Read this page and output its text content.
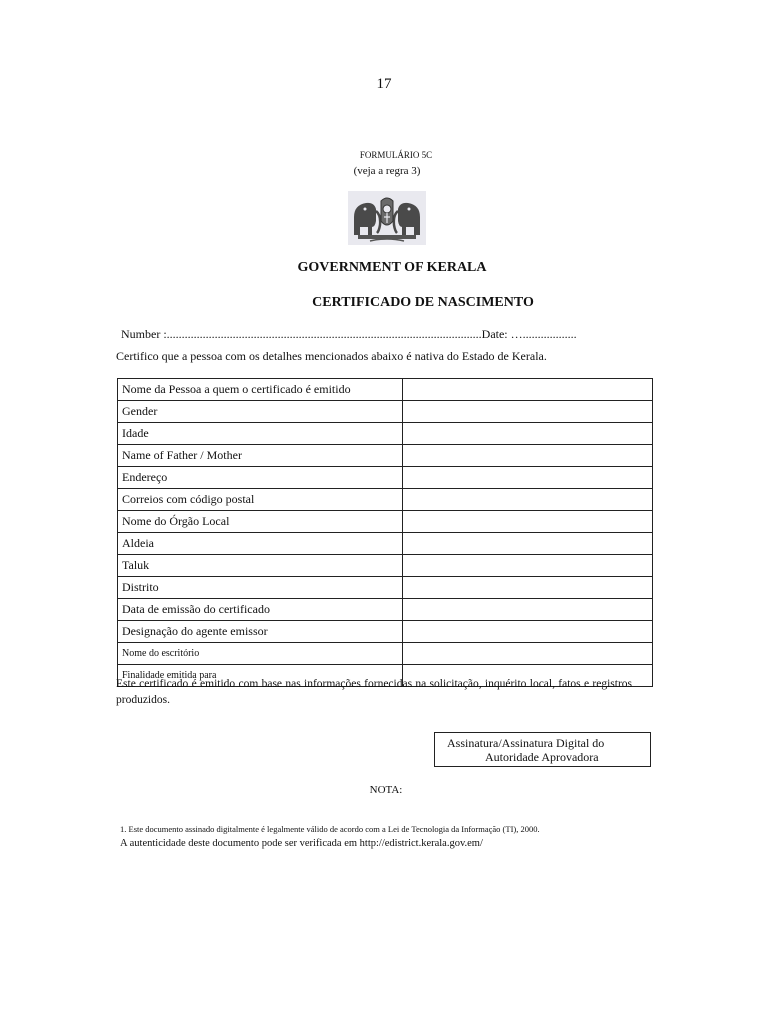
17
FORMULÁRIO 5C
(veja a regra 3)
GOVERNMENT OF KERALA
CERTIFICADO DE NASCIMENTO
Number :.........................................................................................................Date: …..................
Certifico que a pessoa com os detalhes mencionados abaixo é nativa do Estado de Kerala.
Nome da Pessoa a quem o certificado é emitido	
Gender	
Idade	
Name of Father / Mother	
Endereço	
Correios com código postal	
Nome do Órgão Local	
Aldeia	
Taluk	
Distrito	
Data de emissão do certificado	
Designação do agente emissor	
Nome do escritório	
Finalidade emitida para	
Este certificado é emitido com base nas informações fornecidas na solicitação, inquérito local, fatos e registros produzidos.
Assinatura/Assinatura Digital do
Autoridade Aprovadora
NOTA:
1. Este documento assinado digitalmente é legalmente válido de acordo com a Lei de Tecnologia da Informação (TI), 2000.
A autenticidade deste documento pode ser verificada em http://edistrict.kerala.gov.em/
